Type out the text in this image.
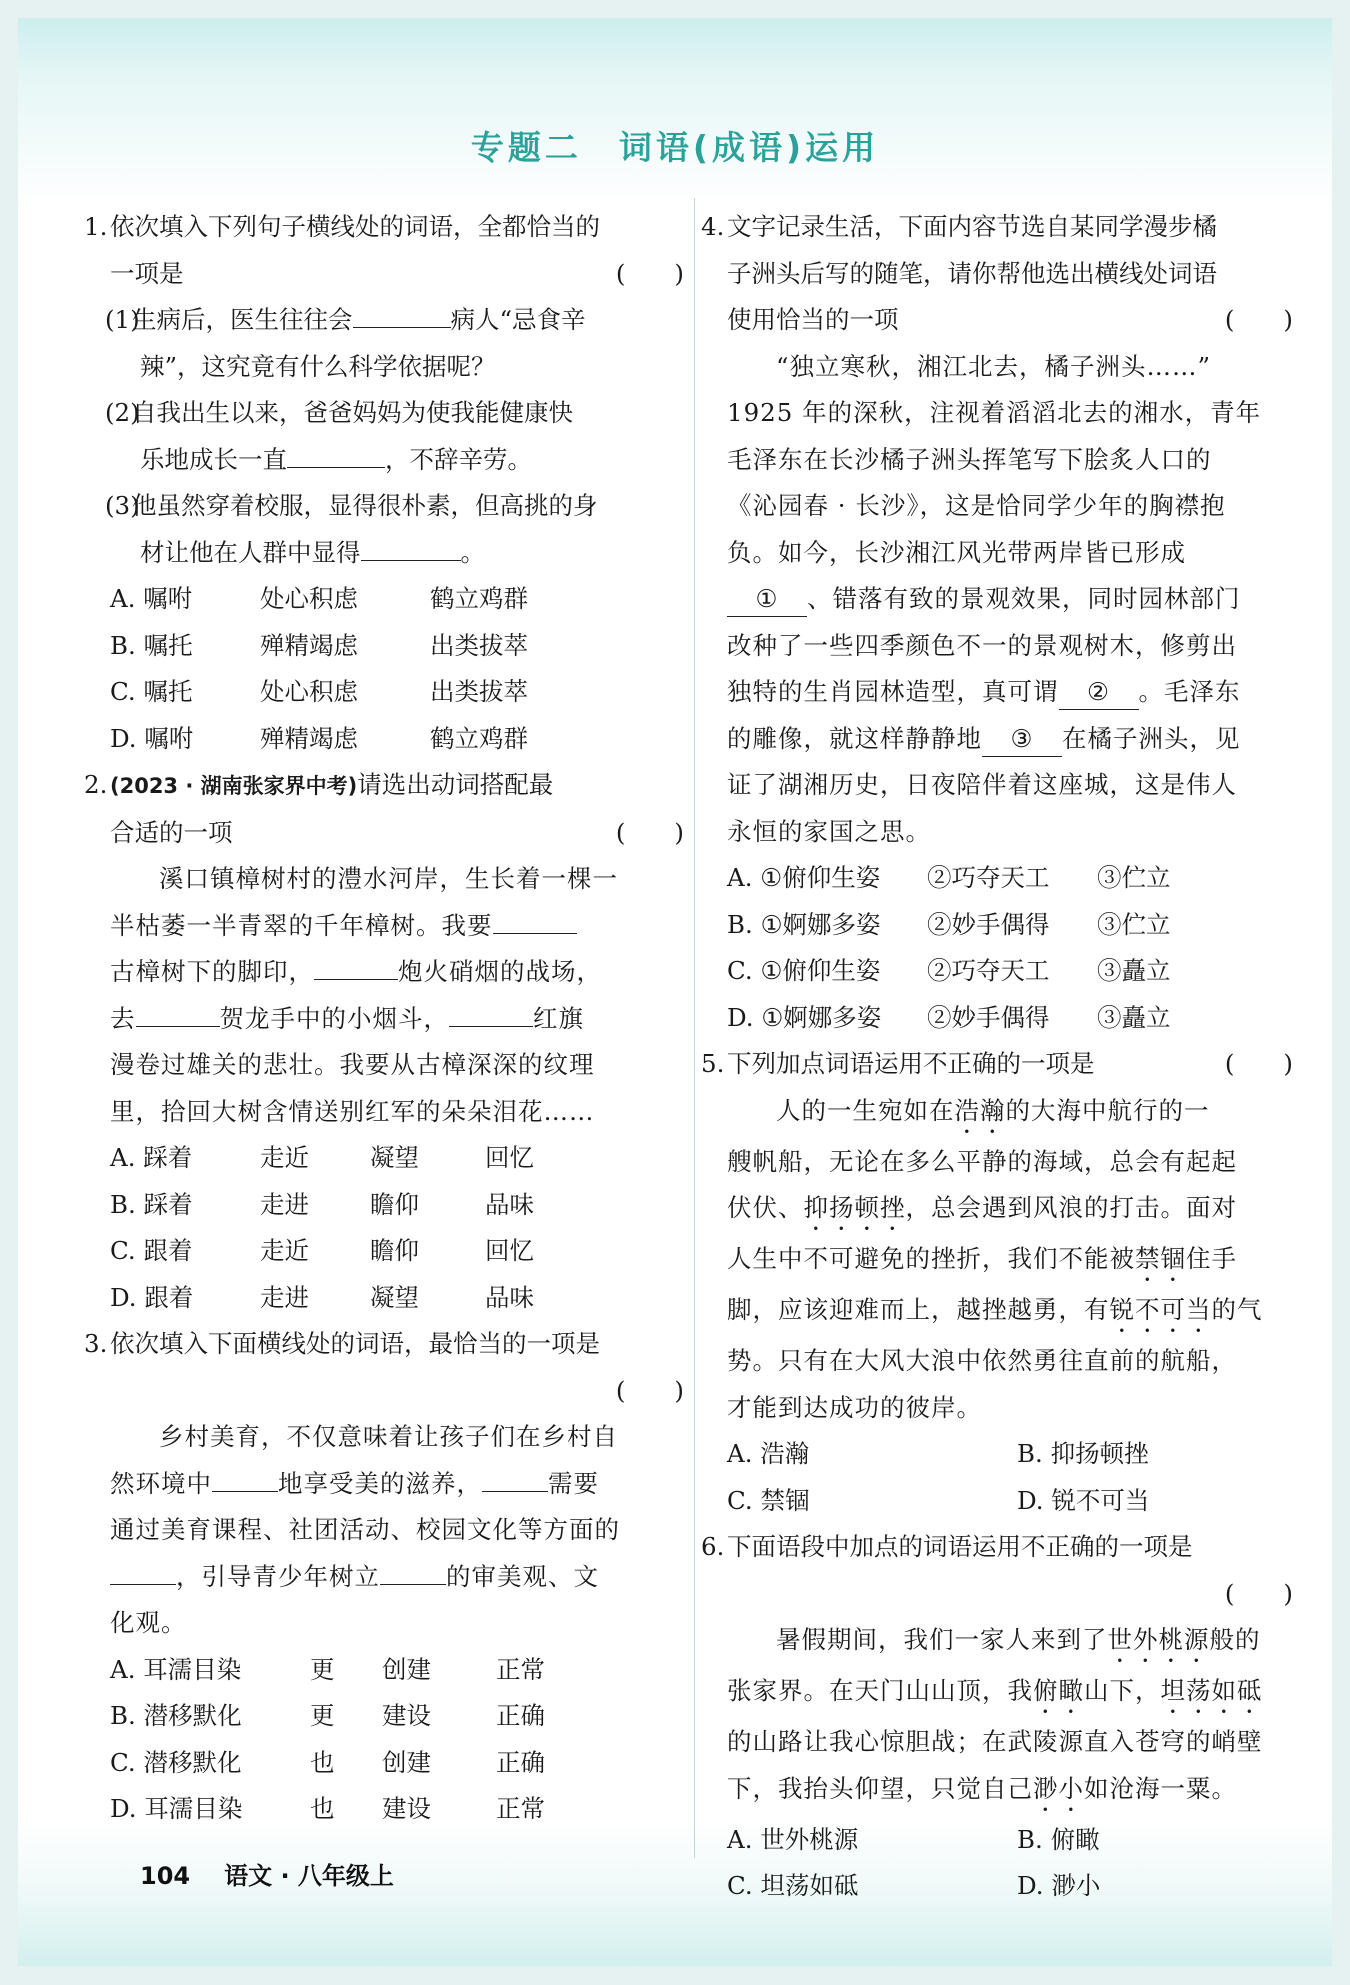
专题二　词语(成语)运用
1. 依次填入下列句子横线处的词语，全都恰当的
一项是	(　　)
(1)
生病后，医生往往会	病人“忌食辛
辣”，这究竟有什么科学依据呢？
(2)
自我出生以来，爸爸妈妈为使我能健康快
乐地成长一直	，不辞辛劳。
(3)
他虽然穿着校服，显得很朴素，但高挑的身
材让他在人群中显得	。
A. 嘱咐	处心积虑	鹤立鸡群
B. 嘱托	殚精竭虑	出类拔萃
C. 嘱托	处心积虑	出类拔萃
D. 嘱咐	殚精竭虑	鹤立鸡群
2. (2023 · 湖南张家界中考)请选出动词搭配最
合适的一项	(　　)
溪口镇樟树村的澧水河岸，生长着一棵一
半枯萎一半青翠的千年樟树。我要
古樟树下的脚印，	炮火硝烟的战场，
去	贺龙手中的小烟斗，	红旗
漫卷过雄关的悲壮。我要从古樟深深的纹理
里，拾回大树含情送别红军的朵朵泪花……
A. 踩着	走近	凝望	回忆
B. 踩着	走进	瞻仰	品味
C. 跟着	走近	瞻仰	回忆
D. 跟着	走进	凝望	品味
3. 依次填入下面横线处的词语，最恰当的一项是

(　　)
乡村美育，不仅意味着让孩子们在乡村自
然环境中	地享受美的滋养，	需要
通过美育课程、社团活动、校园文化等方面的
，引导青少年树立	的审美观、文
化观。
A. 耳濡目染	更	创建	正常
B. 潜移默化	更	建设	正确
C. 潜移默化	也	创建	正确
D. 耳濡目染	也	建设	正常
4. 文字记录生活，下面内容节选自某同学漫步橘
子洲头后写的随笔，请你帮他选出横线处词语
使用恰当的一项	(　　)
“独立寒秋，湘江北去，橘子洲头……”
1925 年的深秋，注视着滔滔北去的湘水，青年
毛泽东在长沙橘子洲头挥笔写下脍炙人口的
《沁园春 · 长沙》，这是恰同学少年的胸襟抱
负。如今，长沙湘江风光带两岸皆已形成
① 、错落有致的景观效果，同时园林部门
改种了一些四季颜色不一的景观树木，修剪出
独特的生肖园林造型，真可谓 ② 。毛泽东
的雕像，就这样静静地 ③ 在橘子洲头，见
证了湖湘历史，日夜陪伴着这座城，这是伟人
永恒的家国之思。
A. ①俯仰生姿	②巧夺天工	③伫立
B. ①婀娜多姿	②妙手偶得	③伫立
C. ①俯仰生姿	②巧夺天工	③矗立
D. ①婀娜多姿	②妙手偶得	③矗立
5. 下列加点词语运用不正确的一项是	(　　)
人的一生宛如在浩瀚的大海中航行的一
艘帆船，无论在多么平静的海域，总会有起起
伏伏、抑扬顿挫，总会遇到风浪的打击。面对
人生中不可避免的挫折，我们不能被禁锢住手
脚，应该迎难而上，越挫越勇，有锐不可当的气
势。只有在大风大浪中依然勇往直前的航船，
才能到达成功的彼岸。
A. 浩瀚	B. 抑扬顿挫
C. 禁锢	D. 锐不可当
6. 下面语段中加点的词语运用不正确的一项是

(　　)
暑假期间，我们一家人来到了世外桃源般的
张家界。在天门山山顶，我俯瞰山下，坦荡如砥
的山路让我心惊胆战；在武陵源直入苍穹的峭壁
下，我抬头仰望，只觉自己渺小如沧海一粟。
A. 世外桃源	B. 俯瞰
C. 坦荡如砥	D. 渺小
104 语文 · 八年级上
